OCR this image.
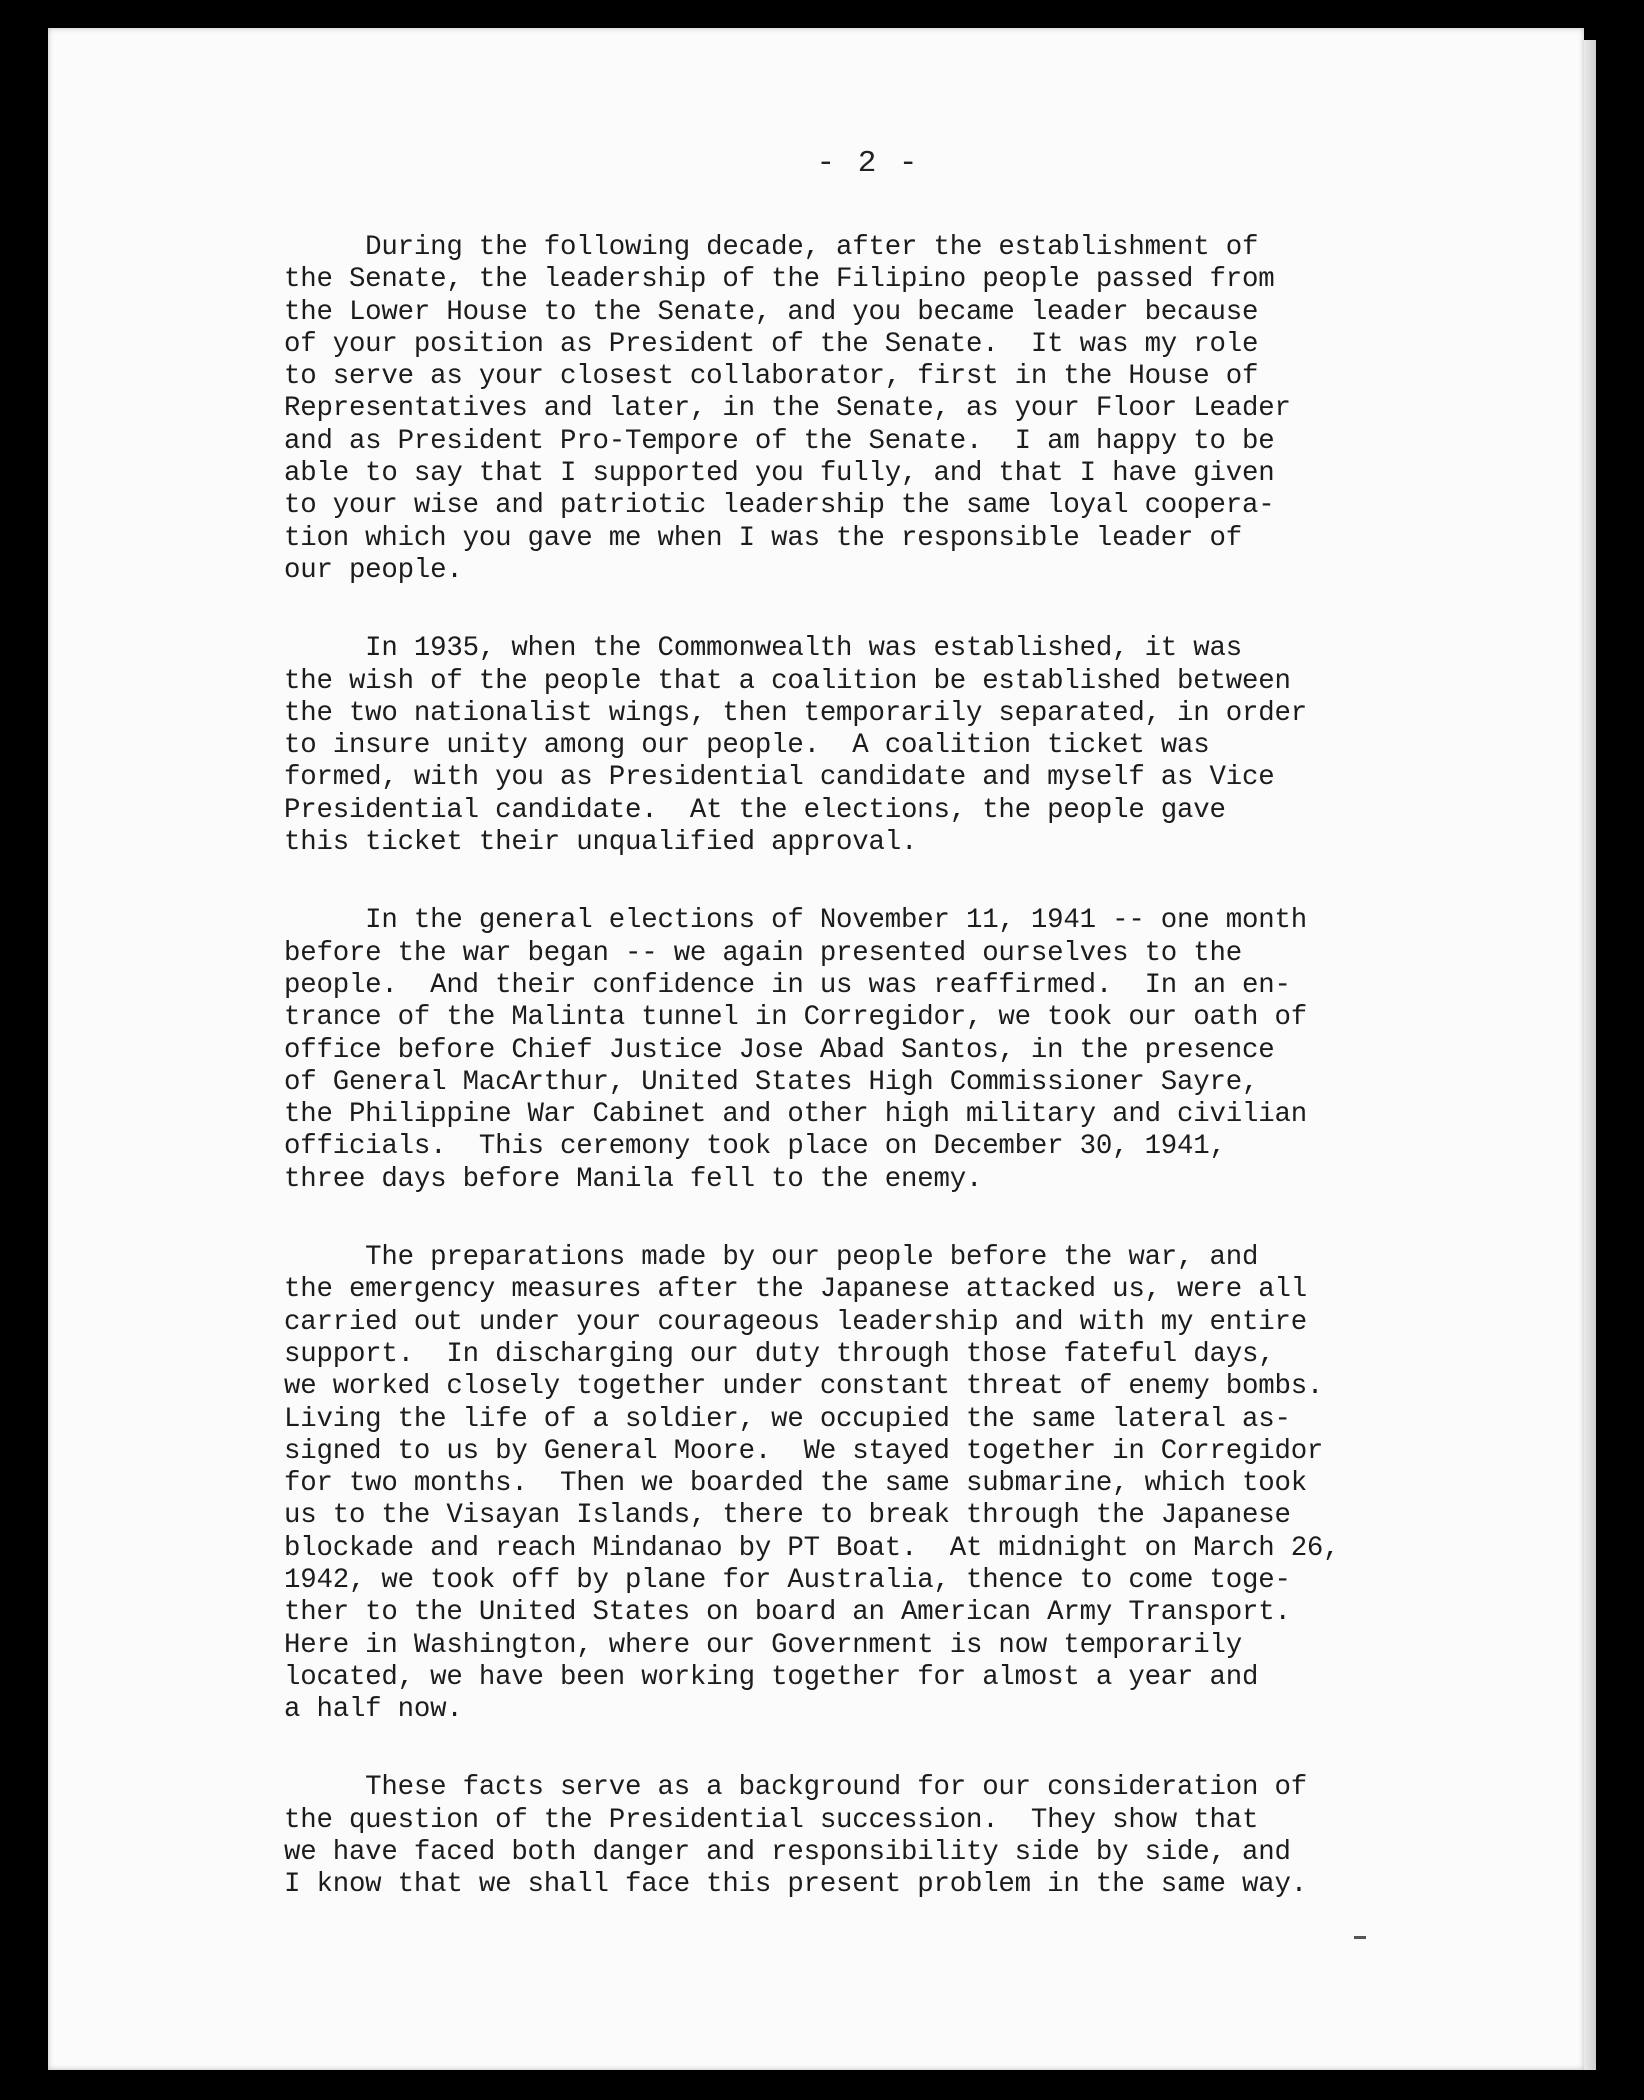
- 2 -
During the following decade, after the establishment of
the Senate, the leadership of the Filipino people passed from
the Lower House to the Senate, and you became leader because
of your position as President of the Senate.  It was my role
to serve as your closest collaborator, first in the House of
Representatives and later, in the Senate, as your Floor Leader
and as President Pro-Tempore of the Senate.  I am happy to be
able to say that I supported you fully, and that I have given
to your wise and patriotic leadership the same loyal coopera-
tion which you gave me when I was the responsible leader of
our people.
In 1935, when the Commonwealth was established, it was
the wish of the people that a coalition be established between
the two nationalist wings, then temporarily separated, in order
to insure unity among our people.  A coalition ticket was
formed, with you as Presidential candidate and myself as Vice
Presidential candidate.  At the elections, the people gave
this ticket their unqualified approval.
In the general elections of November 11, 1941 -- one month
before the war began -- we again presented ourselves to the
people.  And their confidence in us was reaffirmed.  In an en-
trance of the Malinta tunnel in Corregidor, we took our oath of
office before Chief Justice Jose Abad Santos, in the presence
of General MacArthur, United States High Commissioner Sayre,
the Philippine War Cabinet and other high military and civilian
officials.  This ceremony took place on December 30, 1941,
three days before Manila fell to the enemy.
The preparations made by our people before the war, and
the emergency measures after the Japanese attacked us, were all
carried out under your courageous leadership and with my entire
support.  In discharging our duty through those fateful days,
we worked closely together under constant threat of enemy bombs.
Living the life of a soldier, we occupied the same lateral as-
signed to us by General Moore.  We stayed together in Corregidor
for two months.  Then we boarded the same submarine, which took
us to the Visayan Islands, there to break through the Japanese
blockade and reach Mindanao by PT Boat.  At midnight on March 26,
1942, we took off by plane for Australia, thence to come toge-
ther to the United States on board an American Army Transport.
Here in Washington, where our Government is now temporarily
located, we have been working together for almost a year and
a half now.
These facts serve as a background for our consideration of
the question of the Presidential succession.  They show that
we have faced both danger and responsibility side by side, and
I know that we shall face this present problem in the same way.
